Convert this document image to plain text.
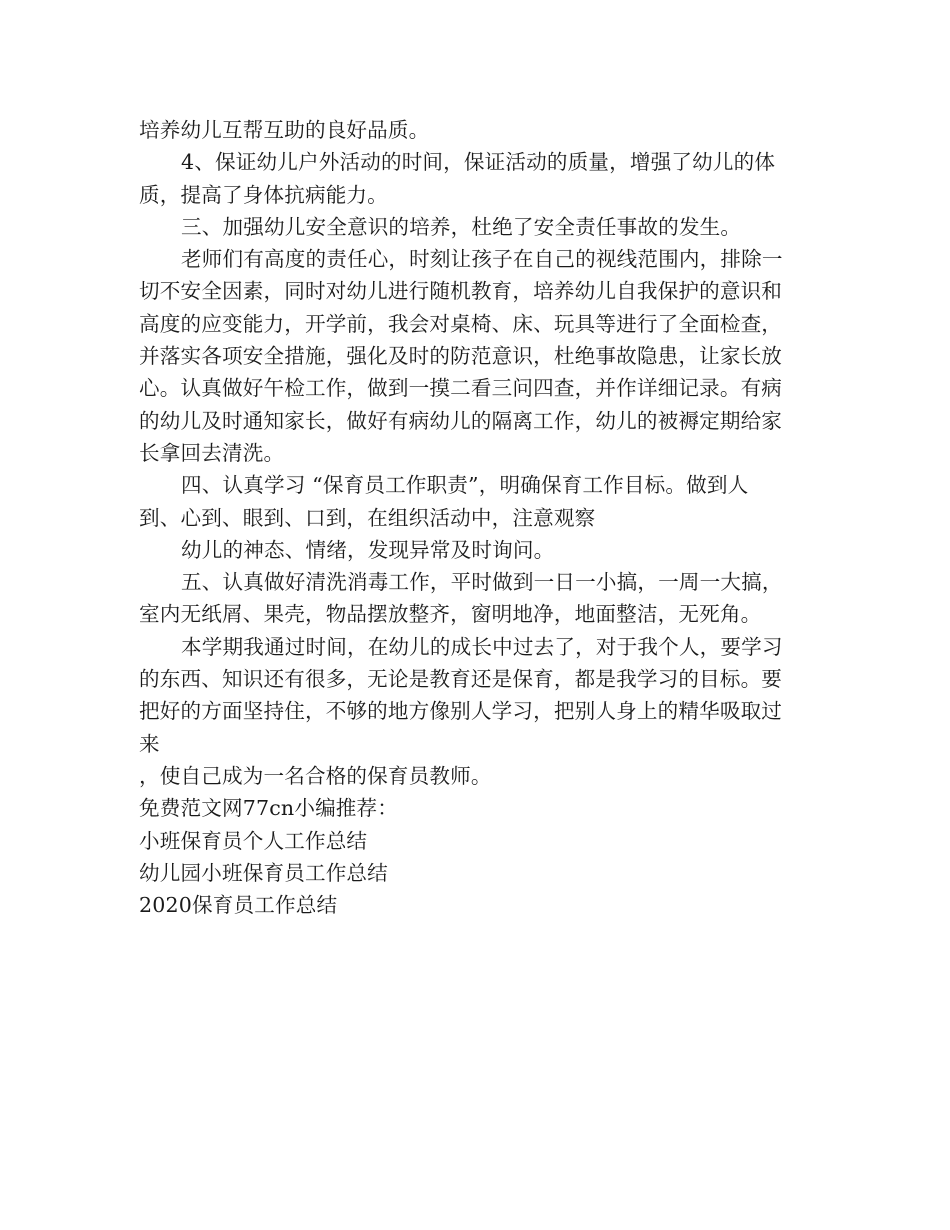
培养幼儿互帮互助的良好品质。
4、保证幼儿户外活动的时间，保证活动的质量，增强了幼儿的体
质，提高了身体抗病能力。
三、加强幼儿安全意识的培养，杜绝了安全责任事故的发生。
老师们有高度的责任心，时刻让孩子在自己的视线范围内，排除一
切不安全因素，同时对幼儿进行随机教育，培养幼儿自我保护的意识和
高度的应变能力，开学前，我会对桌椅、床、玩具等进行了全面检查，
并落实各项安全措施，强化及时的防范意识，杜绝事故隐患，让家长放
心。认真做好午检工作，做到一摸二看三问四查，并作详细记录。有病
的幼儿及时通知家长，做好有病幼儿的隔离工作，幼儿的被褥定期给家
长拿回去清洗。
四、认真学习 “保育员工作职责”，明确保育工作目标。做到人
到、心到、眼到、口到，在组织活动中，注意观察
幼儿的神态、情绪，发现异常及时询问。
五、认真做好清洗消毒工作，平时做到一日一小搞，一周一大搞，
室内无纸屑、果壳，物品摆放整齐，窗明地净，地面整洁，无死角。
本学期我通过时间，在幼儿的成长中过去了，对于我个人，要学习
的东西、知识还有很多，无论是教育还是保育，都是我学习的目标。要
把好的方面坚持住，不够的地方像别人学习，把别人身上的精华吸取过
来
，使自己成为一名合格的保育员教师。
免费范文网77cn小编推荐：
小班保育员个人工作总结
幼儿园小班保育员工作总结
2020保育员工作总结
